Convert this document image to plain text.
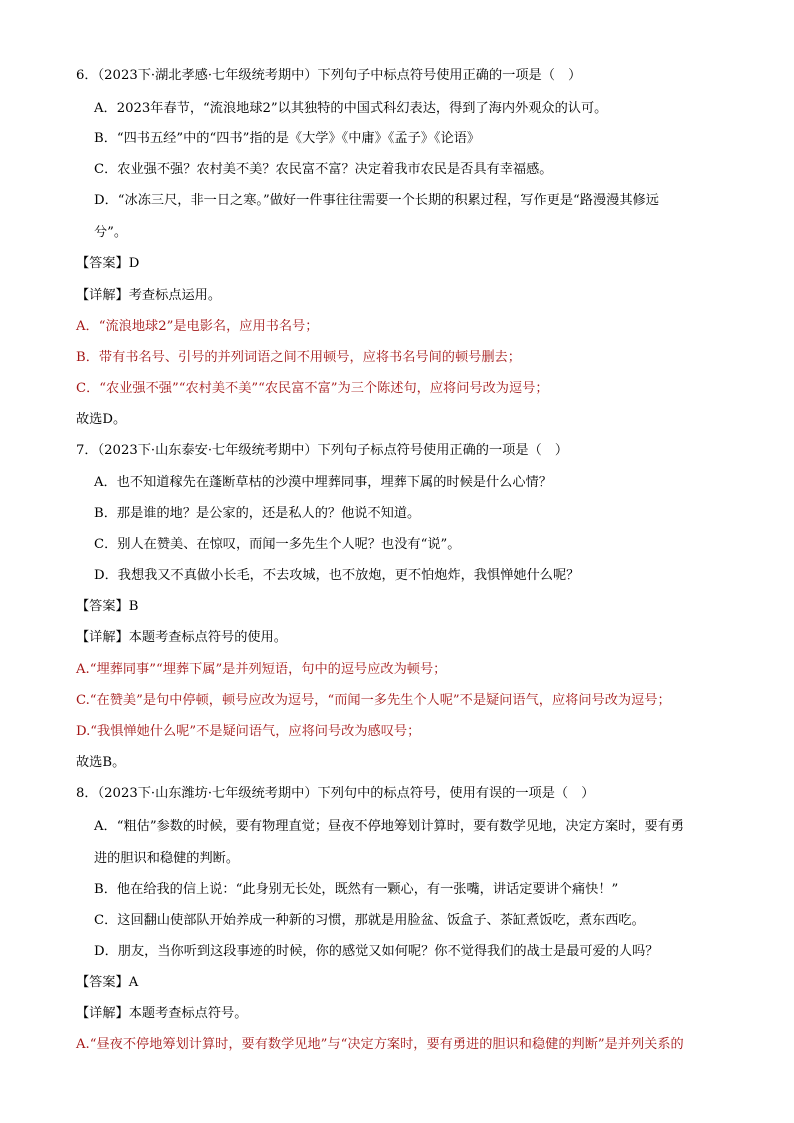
6．（2023下·湖北孝感·七年级统考期中）下列句子中标点符号使用正确的一项是（　）
A．2023年春节，“流浪地球2”以其独特的中国式科幻表达，得到了海内外观众的认可。
B．“四书五经”中的“四书”指的是《大学》《中庸》《孟子》《论语》
C．农业强不强？农村美不美？农民富不富？决定着我市农民是否具有幸福感。
D．“冰冻三尺，非一日之寒。”做好一件事往往需要一个长期的积累过程，写作更是“路漫漫其修远
兮”。
【答案】D
【详解】考查标点运用。
A．“流浪地球2”是电影名，应用书名号；
B．带有书名号、引号的并列词语之间不用顿号，应将书名号间的顿号删去；
C．“农业强不强”“农村美不美”“农民富不富”为三个陈述句，应将问号改为逗号；
故选D。
7．（2023下·山东泰安·七年级统考期中）下列句子标点符号使用正确的一项是（　）
A．也不知道稼先在蓬断草枯的沙漠中埋葬同事，埋葬下属的时候是什么心情？
B．那是谁的地？是公家的，还是私人的？他说不知道。
C．别人在赞美、在惊叹，而闻一多先生个人呢？也没有“说”。
D．我想我又不真做小长毛，不去攻城，也不放炮，更不怕炮炸，我惧惮她什么呢？
【答案】B
【详解】本题考查标点符号的使用。
A.“埋葬同事”“埋葬下属”是并列短语，句中的逗号应改为顿号；
C.“在赞美”是句中停顿，顿号应改为逗号，“而闻一多先生个人呢”不是疑问语气，应将问号改为逗号；
D.“我惧惮她什么呢”不是疑问语气，应将问号改为感叹号；
故选B。
8．（2023下·山东潍坊·七年级统考期中）下列句中的标点符号，使用有误的一项是（　）
A．“粗估”参数的时候，要有物理直觉；昼夜不停地筹划计算时，要有数学见地，决定方案时，要有勇
进的胆识和稳健的判断。
B．他在给我的信上说：“此身别无长处，既然有一颗心，有一张嘴，讲话定要讲个痛快！”
C．这回翻山使部队开始养成一种新的习惯，那就是用脸盆、饭盒子、茶缸煮饭吃，煮东西吃。
D．朋友，当你听到这段事迹的时候，你的感觉又如何呢？你不觉得我们的战士是最可爱的人吗？
【答案】A
【详解】本题考查标点符号。
A.“昼夜不停地筹划计算时，要有数学见地”与“决定方案时，要有勇进的胆识和稳健的判断”是并列关系的
